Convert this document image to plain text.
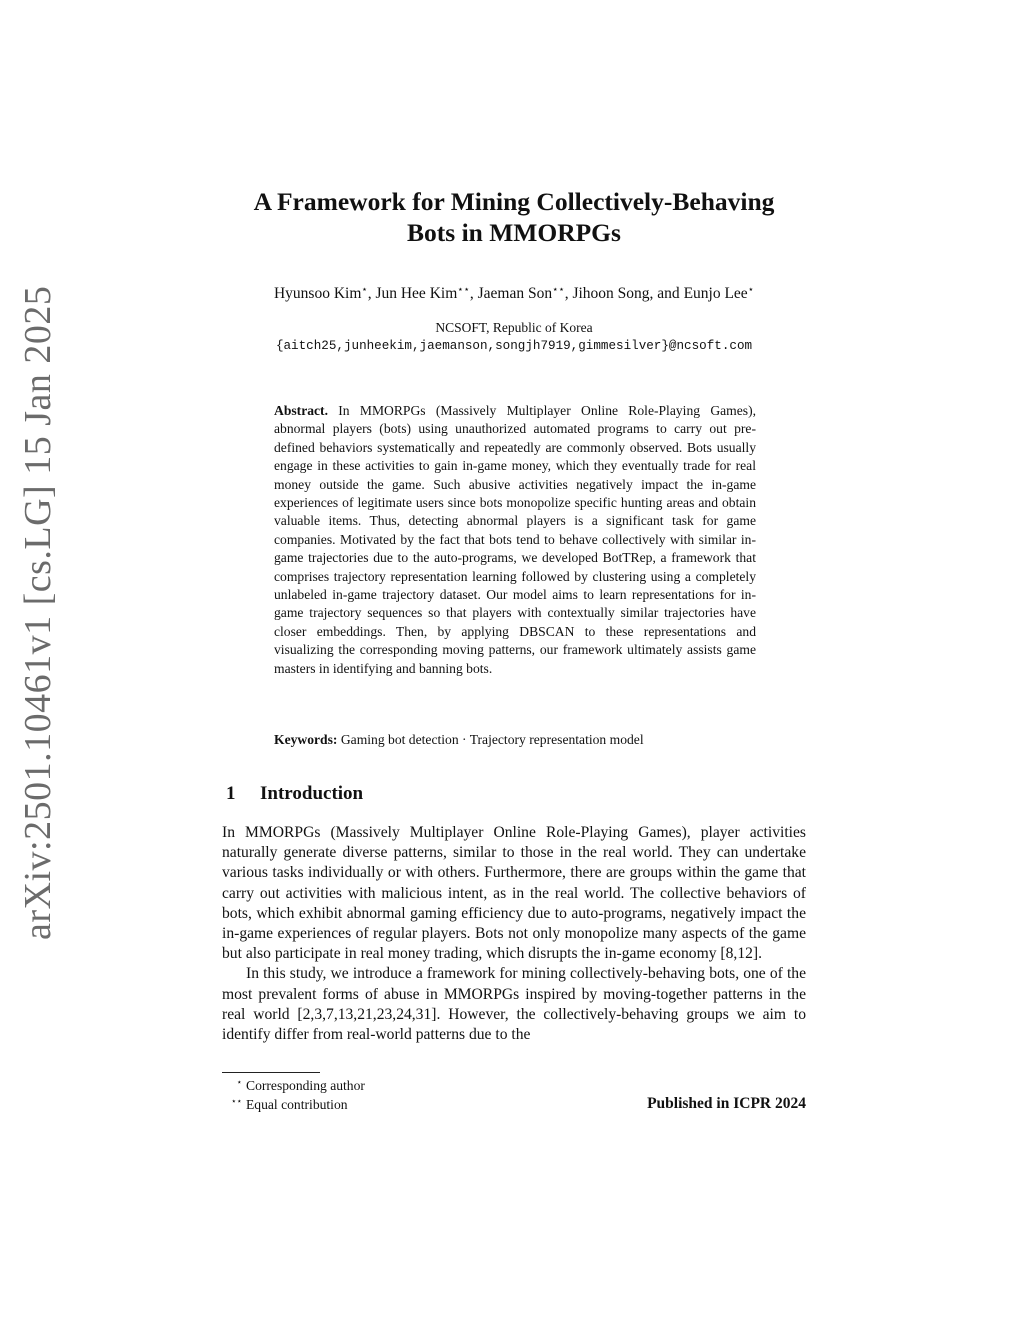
arXiv:2501.10461v1 [cs.LG] 15 Jan 2025
A Framework for Mining Collectively-Behaving
Bots in MMORPGs

Hyunsoo Kim⋆, Jun Hee Kim⋆⋆, Jaeman Son⋆⋆, Jihoon Song, and Eunjo Lee⋆

NCSOFT, Republic of Korea
{aitch25,junheekim,jaemanson,songjh7919,gimmesilver}@ncsoft.com

Abstract. In MMORPGs (Massively Multiplayer Online Role-Playing Games), abnormal players (bots) using unauthorized automated programs to carry out pre-defined behaviors systematically and repeatedly are commonly observed. Bots usually engage in these activities to gain in-game money, which they eventually trade for real money outside the game. Such abusive activities negatively impact the in-game experiences of legitimate users since bots monopolize specific hunting areas and obtain valuable items. Thus, detecting abnormal players is a significant task for game companies. Motivated by the fact that bots tend to behave collectively with similar in-game trajectories due to the auto-programs, we developed BotTRep, a framework that comprises trajectory representation learning followed by clustering using a completely unlabeled in-game trajectory dataset. Our model aims to learn representations for in-game trajectory sequences so that players with contextually similar trajectories have closer embeddings. Then, by applying DBSCAN to these representations and visualizing the corresponding moving patterns, our framework ultimately assists game masters in identifying and banning bots.

Keywords: Gaming bot detection · Trajectory representation model

1 Introduction

In MMORPGs (Massively Multiplayer Online Role-Playing Games), player activities naturally generate diverse patterns, similar to those in the real world. They can undertake various tasks individually or with others. Furthermore, there are groups within the game that carry out activities with malicious intent, as in the real world. The collective behaviors of bots, which exhibit abnormal gaming efficiency due to auto-programs, negatively impact the in-game experiences of regular players. Bots not only monopolize many aspects of the game but also participate in real money trading, which disrupts the in-game economy [8,12].

In this study, we introduce a framework for mining collectively-behaving bots, one of the most prevalent forms of abuse in MMORPGs inspired by moving-together patterns in the real world [2,3,7,13,21,23,24,31]. However, the collectively-behaving groups we aim to identify differ from real-world patterns due to the

⋆ Corresponding author
⋆⋆ Equal contribution	Published in ICPR 2024
